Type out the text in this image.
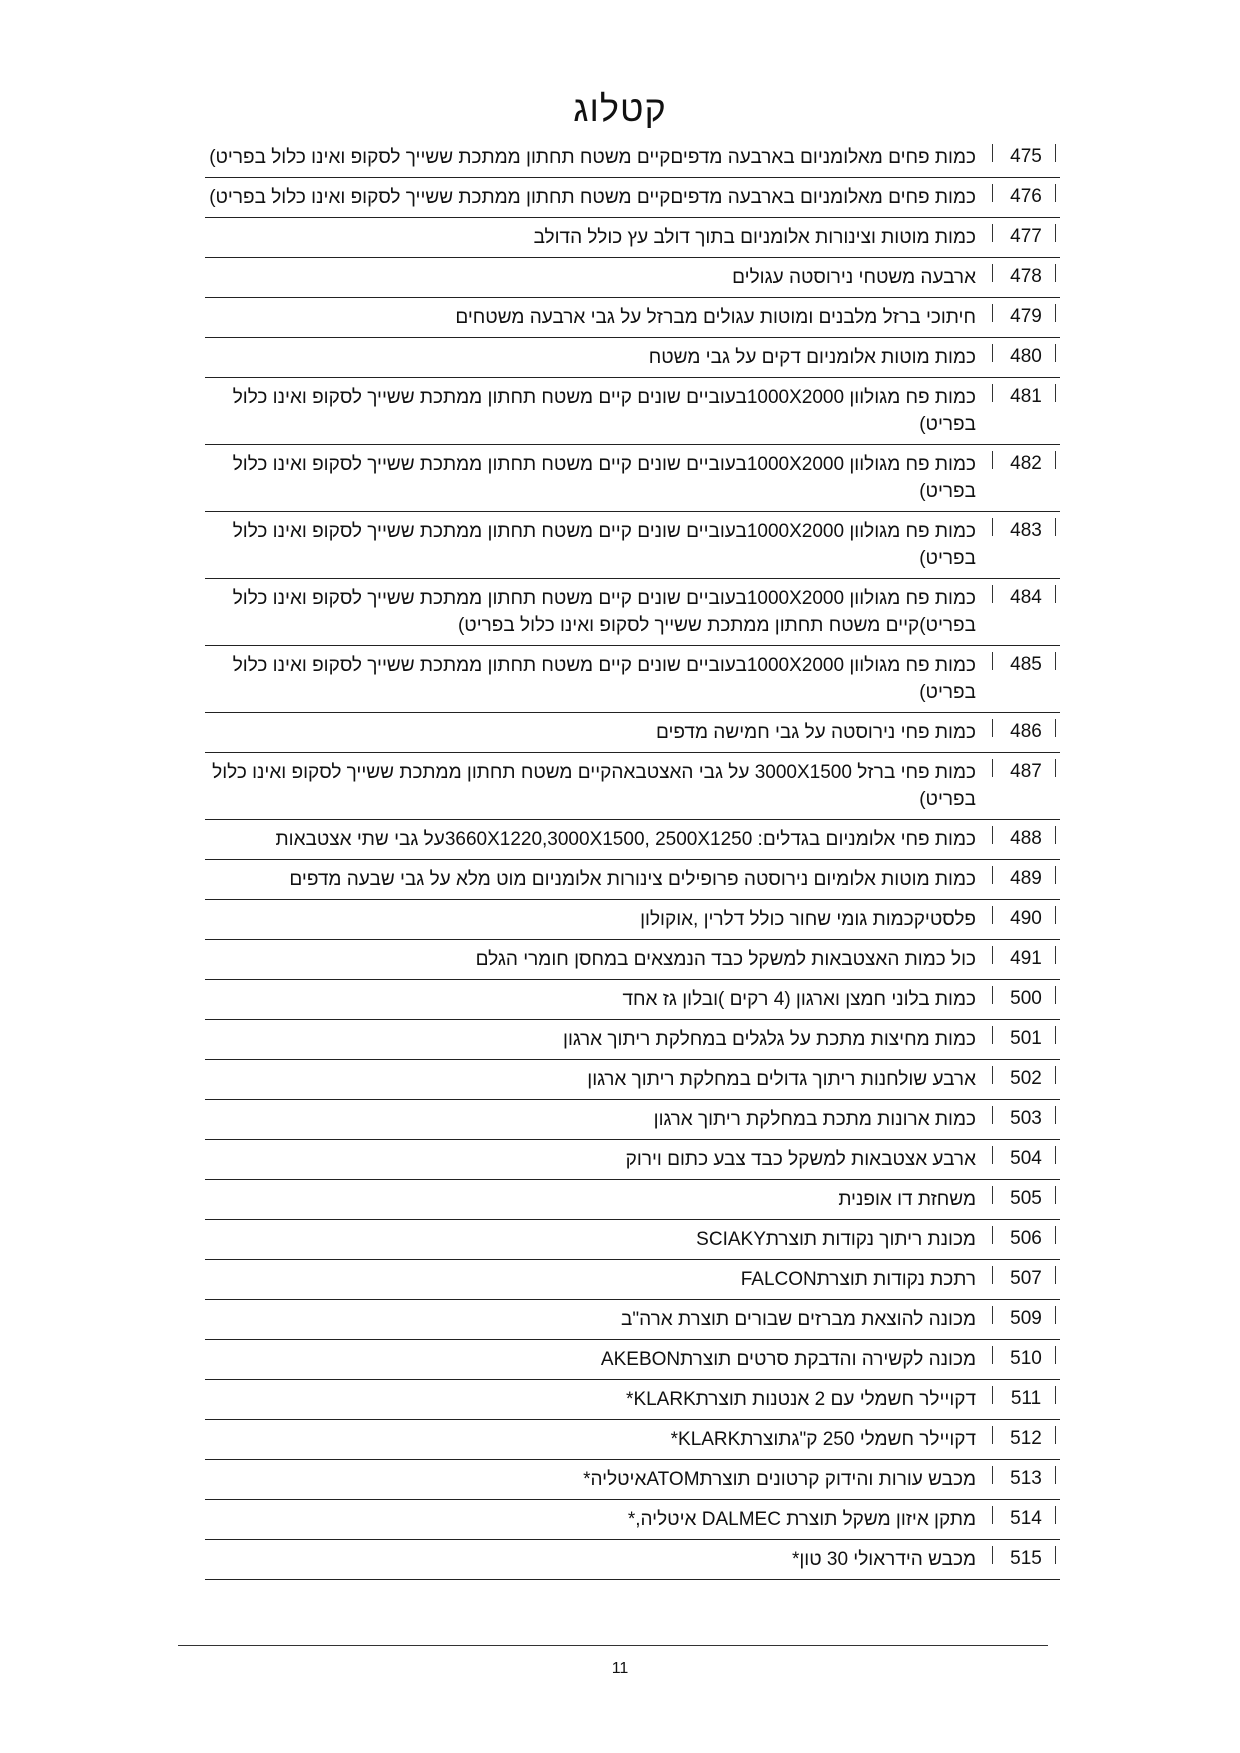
קטלוג
475
כמות פחים מאלומניום בארבעה מדפיםקיים משטח תחתון ממתכת ששייך לסקופ ואינו כלול בפריט)
476
כמות פחים מאלומניום בארבעה מדפיםקיים משטח תחתון ממתכת ששייך לסקופ ואינו כלול בפריט)
477
כמות מוטות וצינורות אלומניום בתוך דולב עץ כולל הדולב
478
ארבעה משטחי נירוסטה עגולים
479
חיתוכי ברזל מלבנים ומוטות עגולים מברזל על גבי ארבעה משטחים
480
כמות מוטות אלומניום דקים על גבי משטח
481
כמות פח מגולוון 1000X2000בעוביים שונים קיים משטח תחתון ממתכת ששייך לסקופ ואינו כלול בפריט)
482
כמות פח מגולוון 1000X2000בעוביים שונים קיים משטח תחתון ממתכת ששייך לסקופ ואינו כלול בפריט)
483
כמות פח מגולוון 1000X2000בעוביים שונים קיים משטח תחתון ממתכת ששייך לסקופ ואינו כלול בפריט)
484
כמות פח מגולוון 1000X2000בעוביים שונים קיים משטח תחתון ממתכת ששייך לסקופ ואינו כלול בפריט)קיים משטח תחתון ממתכת ששייך לסקופ ואינו כלול בפריט)
485
כמות פח מגולוון 1000X2000בעוביים שונים קיים משטח תחתון ממתכת ששייך לסקופ ואינו כלול בפריט)
486
כמות פחי נירוסטה על גבי חמישה מדפים
487
כמות פחי ברזל 3000X1500 על גבי האצטבאהקיים משטח תחתון ממתכת ששייך לסקופ ואינו כלול בפריט)
488
כמות פחי אלומניום בגדלים: 3660X1220,3000X1500, 2500X1250על גבי שתי אצטבאות
489
כמות מוטות אלומיום נירוסטה פרופילים צינורות אלומניום מוט מלא על גבי שבעה מדפים
490
פלסטיקכמות גומי שחור כולל דלרין ,אוקולון
491
כול כמות האצטבאות למשקל כבד הנמצאים במחסן חומרי הגלם
500
כמות בלוני חמצן וארגון (4 רקים )ובלון גז אחד
501
כמות מחיצות מתכת על גלגלים במחלקת ריתוך ארגון
502
ארבע שולחנות ריתוך גדולים במחלקת ריתוך ארגון
503
כמות ארונות מתכת במחלקת ריתוך ארגון
504
ארבע אצטבאות למשקל כבד צבע כתום וירוק
505
משחזת דו אופנית
506
מכונת ריתוך נקודות תוצרתSCIAKY
507
רתכת נקודות תוצרתFALCON
509
מכונה להוצאת מברזים שבורים תוצרת ארה"ב
510
מכונה לקשירה והדבקת סרטים תוצרתAKEBON
511
דקויילר חשמלי עם 2 אנטנות תוצרתKLARK*
512
דקויילר חשמלי 250 ק"גתוצרתKLARK*
513
מכבש עורות והידוק קרטונים תוצרתATOMאיטליה*
514
מתקן איזון משקל תוצרת DALMEC איטליה,*
515
מכבש הידראולי 30 טון*
11
